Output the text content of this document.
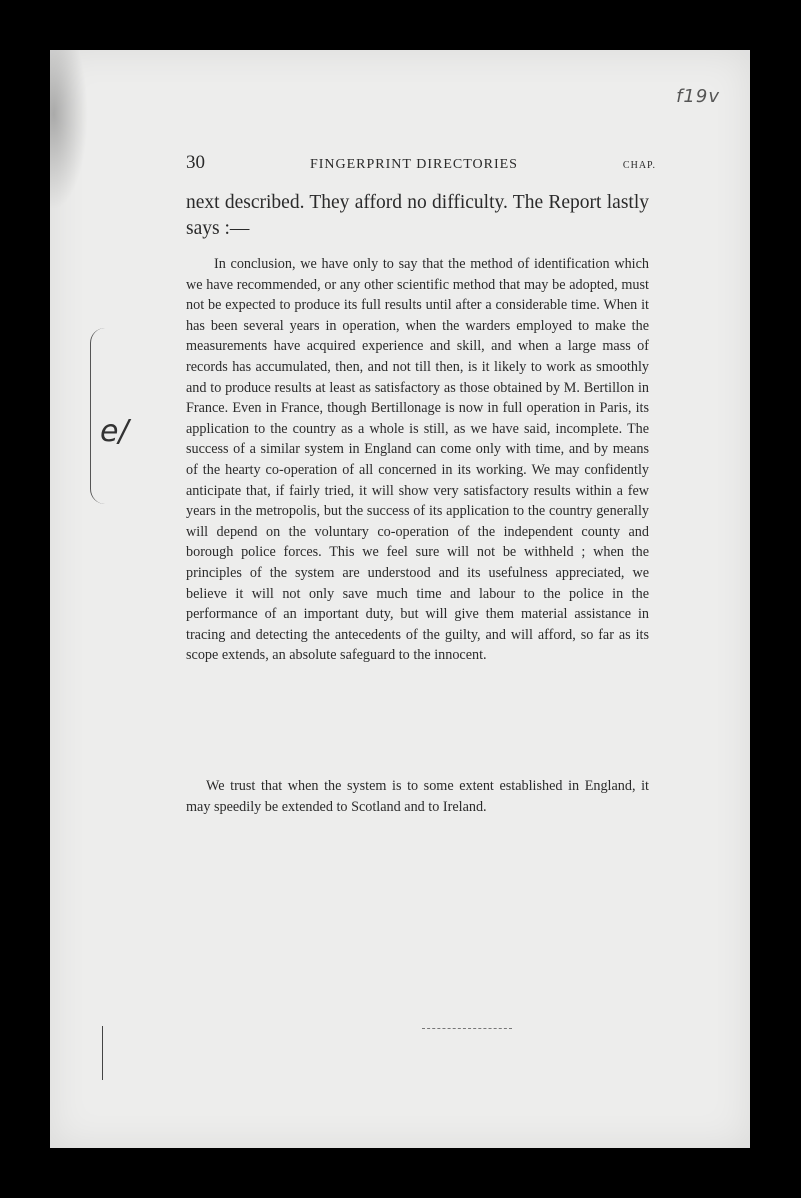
f19v
30	FINGERPRINT DIRECTORIES	CHAP.
next described. They afford no difficulty. The Report lastly says :—
In conclusion, we have only to say that the method of identification which we have recommended, or any other scientific method that may be adopted, must not be expected to produce its full results until after a considerable time. When it has been several years in operation, when the warders employed to make the measurements have acquired experience and skill, and when a large mass of records has accumulated, then, and not till then, is it likely to work as smoothly and to produce results at least as satisfactory as those obtained by M. Bertillon in France. Even in France, though Bertillonage is now in full operation in Paris, its application to the country as a whole is still, as we have said, incomplete. The success of a similar system in England can come only with time, and by means of the hearty co-operation of all concerned in its working. We may confidently anticipate that, if fairly tried, it will show very satisfactory results within a few years in the metropolis, but the success of its application to the country generally will depend on the voluntary co-operation of the independent county and borough police forces. This we feel sure will not be withheld ; when the principles of the system are understood and its usefulness appreciated, we believe it will not only save much time and labour to the police in the performance of an important duty, but will give them material assistance in tracing and detecting the antecedents of the guilty, and will afford, so far as its scope extends, an absolute safeguard to the innocent.
We trust that when the system is to some extent established in England, it may speedily be extended to Scotland and to Ireland.
e/
